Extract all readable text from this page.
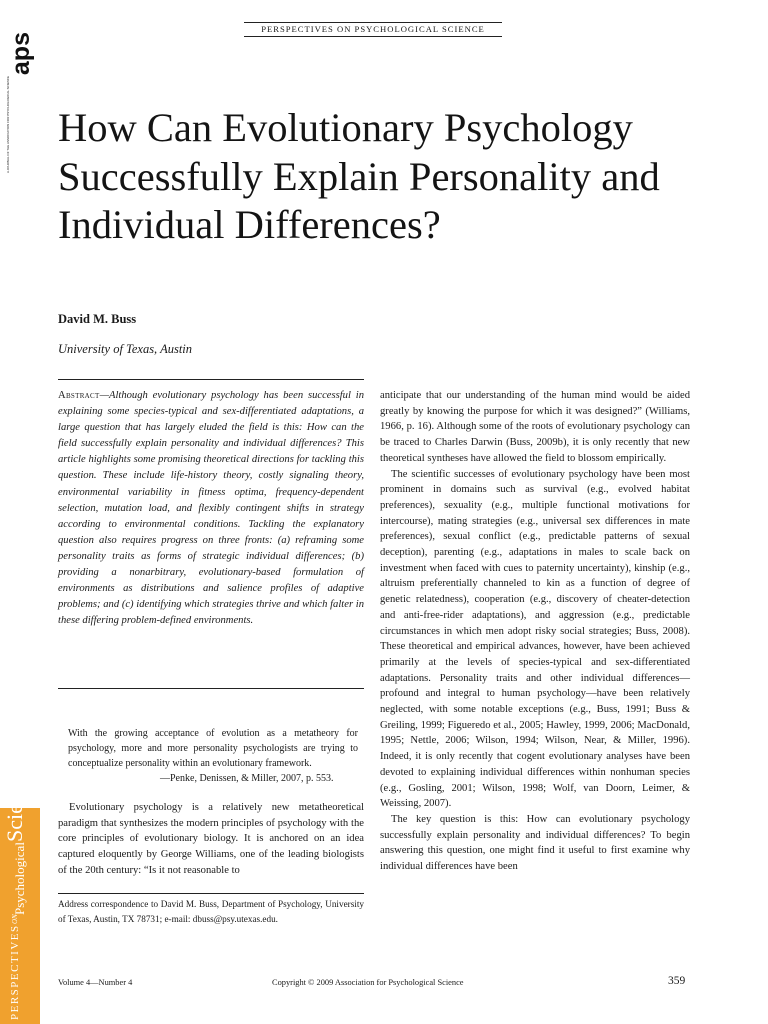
PERSPECTIVES ON PSYCHOLOGICAL SCIENCE
aps
A JOURNAL OF THE ASSOCIATION FOR PSYCHOLOGICAL SCIENCE How Can Evolutionary Psychology Successfully Explain Personality and Individual Differences?
David M. Buss
University of Texas, Austin
Abstract—Although evolutionary psychology has been successful in explaining some species-typical and sex-differentiated adaptations, a large question that has largely eluded the field is this: How can the field successfully explain personality and individual differences? This article highlights some promising theoretical directions for tackling this question. These include life-history theory, costly signaling theory, environmental variability in fitness optima, frequency-dependent selection, mutation load, and flexibly contingent shifts in strategy according to environmental conditions. Tackling the explanatory question also requires progress on three fronts: (a) reframing some personality traits as forms of strategic individual differences; (b) providing a nonarbitrary, evolutionary-based formulation of environments as distributions and salience profiles of adaptive problems; and (c) identifying which strategies thrive and which falter in these differing problem-defined environments.
With the growing acceptance of evolution as a metatheory for psychology, more and more personality psychologists are trying to conceptualize personality within an evolutionary framework.
—Penke, Denissen, & Miller, 2007, p. 553.

Evolutionary psychology is a relatively new metatheoretical paradigm that synthesizes the modern principles of psychology with the core principles of evolutionary biology. It is anchored on an idea captured eloquently by George Williams, one of the leading biologists of the 20th century: “Is it not reasonable to

Address correspondence to David M. Buss, Department of Psychology, University of Texas, Austin, TX 78731; e-mail: dbuss@psy.utexas.edu.

anticipate that our understanding of the human mind would be aided greatly by knowing the purpose for which it was designed?” (Williams, 1966, p. 16). Although some of the roots of evolutionary psychology can be traced to Charles Darwin (Buss, 2009b), it is only recently that new theoretical syntheses have allowed the field to blossom empirically.

The scientific successes of evolutionary psychology have been most prominent in domains such as survival (e.g., evolved habitat preferences), sexuality (e.g., multiple functional motivations for intercourse), mating strategies (e.g., universal sex differences in mate preferences), sexual conflict (e.g., predictable patterns of sexual deception), parenting (e.g., adaptations in males to scale back on investment when faced with cues to paternity uncertainty), kinship (e.g., altruism preferentially channeled to kin as a function of degree of genetic relatedness), cooperation (e.g., discovery of cheater-detection and anti-free-rider adaptations), and aggression (e.g., predictable circumstances in which men adopt risky social strategies; Buss, 2008). These theoretical and empirical advances, however, have been achieved primarily at the levels of species-typical and sex-differentiated adaptations. Personality traits and other individual differences—profound and integral to human psychology—have been relatively neglected, with some notable exceptions (e.g., Buss, 1991; Buss & Greiling, 1999; Figueredo et al., 2005; Hawley, 1999, 2006; MacDonald, 1995; Nettle, 2006; Wilson, 1994; Wilson, Near, & Miller, 1996). Indeed, it is only recently that cogent evolutionary analyses have been devoted to explaining individual differences within nonhuman species (e.g., Gosling, 2001; Wilson, 1998; Wolf, van Doorn, Leimer, & Weissing, 2007).

The key question is this: How can evolutionary psychology successfully explain personality and individual differences? To begin answering this question, one might find it useful to first examine why individual differences have been

PERSPECTIVES
ON
Psychological
Science
Volume 4—Number 4	Copyright © 2009 Association for Psychological Science	359
